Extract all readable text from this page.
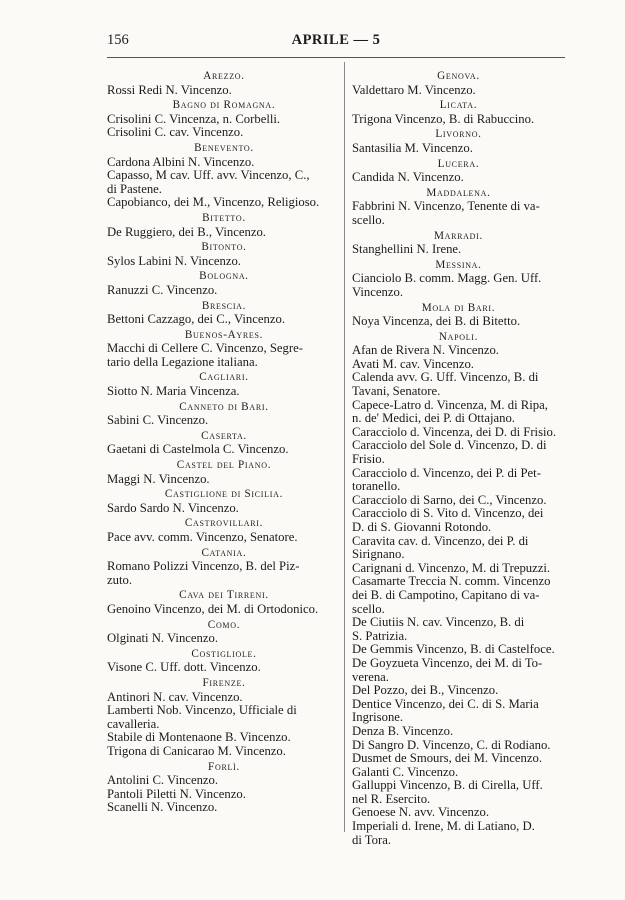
156	APRILE — 5
Arezzo.
Rossi Redi N. Vincenzo.
Bagno di Romagna.
Crisolini C. Vincenza, n. Corbelli.
Crisolini C. cav. Vincenzo.
Benevento.
Cardona Albini N. Vincenzo.
Capasso, M cav. Uff. avv. Vincenzo, C.,
di Pastene.
Capobianco, dei M., Vincenzo, Religioso.
Bitetto.
De Ruggiero, dei B., Vincenzo.
Bitonto.
Sylos Labini N. Vincenzo.
Bologna.
Ranuzzi C. Vincenzo.
Brescia.
Bettoni Cazzago, dei C., Vincenzo.
Buenos-Ayres.
Macchi di Cellere C. Vincenzo, Segre-
tario della Legazione italiana.
Cagliari.
Siotto N. Maria Vincenza.
Canneto di Bari.
Sabini C. Vincenzo.
Caserta.
Gaetani di Castelmola C. Vincenzo.
Castel del Piano.
Maggi N. Vincenzo.
Castiglione di Sicilia.
Sardo Sardo N. Vincenzo.
Castrovillari.
Pace avv. comm. Vincenzo, Senatore.
Catania.
Romano Polizzi Vincenzo, B. del Piz-
zuto.
Cava dei Tirreni.
Genoino Vincenzo, dei M. di Ortodonico.
Como.
Olginati N. Vincenzo.
Costigliole.
Visone C. Uff. dott. Vincenzo.
Firenze.
Antinori N. cav. Vincenzo.
Lamberti Nob. Vincenzo, Ufficiale di
cavalleria.
Stabile di Montenaone B. Vincenzo.
Trigona di Canicarao M. Vincenzo.
Forlì.
Antolini C. Vincenzo.
Pantoli Piletti N. Vincenzo.
Scanelli N. Vincenzo.
Genova.
Valdettaro M. Vincenzo.
Licata.
Trigona Vincenzo, B. di Rabuccino.
Livorno.
Santasilia M. Vincenzo.
Lucera.
Candida N. Vincenzo.
Maddalena.
Fabbrini N. Vincenzo, Tenente di va-
scello.
Marradi.
Stanghellini N. Irene.
Messina.
Cianciolo B. comm. Magg. Gen. Uff.
Vincenzo.
Mola di Bari.
Noya Vincenza, dei B. di Bitetto.
Napoli.
Afan de Rivera N. Vincenzo.
Avati M. cav. Vincenzo.
Calenda avv. G. Uff. Vincenzo, B. di
Tavani, Senatore.
Capece-Latro d. Vincenza, M. di Ripa,
n. de' Medici, dei P. di Ottajano.
Caracciolo d. Vincenza, dei D. di Frisio.
Caracciolo del Sole d. Vincenzo, D. di
Frisio.
Caracciolo d. Vincenzo, dei P. di Pet-
toranello.
Caracciolo di Sarno, dei C., Vincenzo.
Caracciolo di S. Vito d. Vincenzo, dei
D. di S. Giovanni Rotondo.
Caravita cav. d. Vincenzo, dei P. di
Sirignano.
Carignani d. Vincenzo, M. di Trepuzzi.
Casamarte Treccia N. comm. Vincenzo
dei B. di Campotino, Capitano di va-
scello.
De Ciutiis N. cav. Vincenzo, B. di
S. Patrizia.
De Gemmis Vincenzo, B. di Castelfoce.
De Goyzueta Vincenzo, dei M. di To-
verena.
Del Pozzo, dei B., Vincenzo.
Dentice Vincenzo, dei C. di S. Maria
Ingrisone.
Denza B. Vincenzo.
Di Sangro D. Vincenzo, C. di Rodiano.
Dusmet de Smours, dei M. Vincenzo.
Galanti C. Vincenzo.
Galluppi Vincenzo, B. di Cirella, Uff.
nel R. Esercito.
Genoese N. avv. Vincenzo.
Imperiali d. Irene, M. di Latiano, D.
di Tora.
